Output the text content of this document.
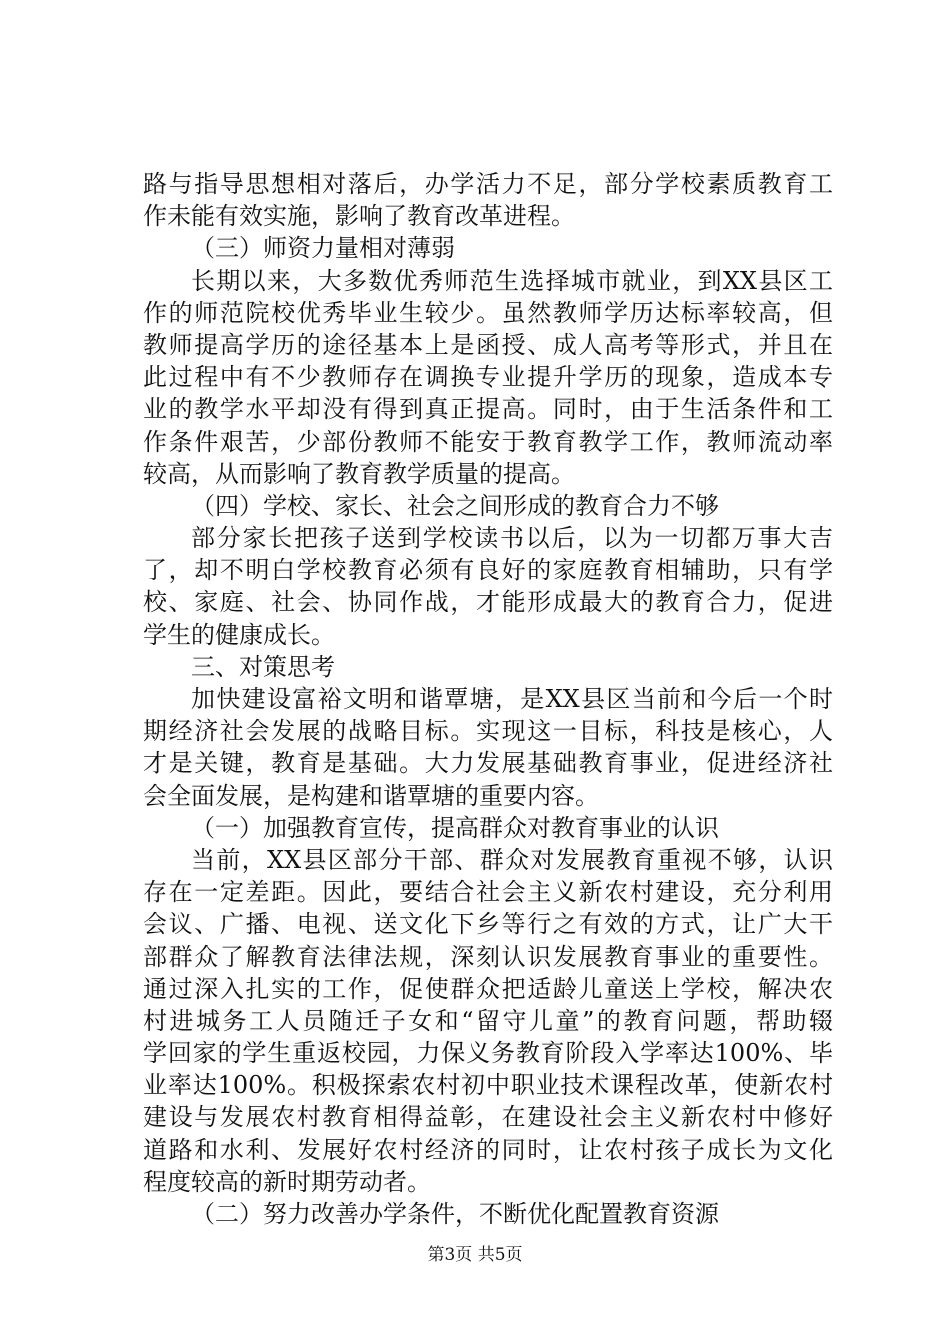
路与指导思想相对落后，办学活力不足，部分学校素质教育工
作未能有效实施，影响了教育改革进程。
（三）师资力量相对薄弱
长期以来，大多数优秀师范生选择城市就业，到XX县区工
作的师范院校优秀毕业生较少。虽然教师学历达标率较高，但
教师提高学历的途径基本上是函授、成人高考等形式，并且在
此过程中有不少教师存在调换专业提升学历的现象，造成本专
业的教学水平却没有得到真正提高。同时，由于生活条件和工
作条件艰苦，少部份教师不能安于教育教学工作，教师流动率
较高，从而影响了教育教学质量的提高。
（四）学校、家长、社会之间形成的教育合力不够
部分家长把孩子送到学校读书以后，以为一切都万事大吉
了，却不明白学校教育必须有良好的家庭教育相辅助，只有学
校、家庭、社会、协同作战，才能形成最大的教育合力，促进
学生的健康成长。
三、对策思考
加快建设富裕文明和谐覃塘，是XX县区当前和今后一个时
期经济社会发展的战略目标。实现这一目标，科技是核心，人
才是关键，教育是基础。大力发展基础教育事业，促进经济社
会全面发展，是构建和谐覃塘的重要内容。
（一）加强教育宣传，提高群众对教育事业的认识
当前，XX县区部分干部、群众对发展教育重视不够，认识
存在一定差距。因此，要结合社会主义新农村建设，充分利用
会议、广播、电视、送文化下乡等行之有效的方式，让广大干
部群众了解教育法律法规，深刻认识发展教育事业的重要性。
通过深入扎实的工作，促使群众把适龄儿童送上学校，解决农
村进城务工人员随迁子女和“留守儿童”的教育问题，帮助辍
学回家的学生重返校园，力保义务教育阶段入学率达100%、毕
业率达100%。积极探索农村初中职业技术课程改革，使新农村
建设与发展农村教育相得益彰，在建设社会主义新农村中修好
道路和水利、发展好农村经济的同时，让农村孩子成长为文化
程度较高的新时期劳动者。
（二）努力改善办学条件，不断优化配置教育资源
第3页 共5页
